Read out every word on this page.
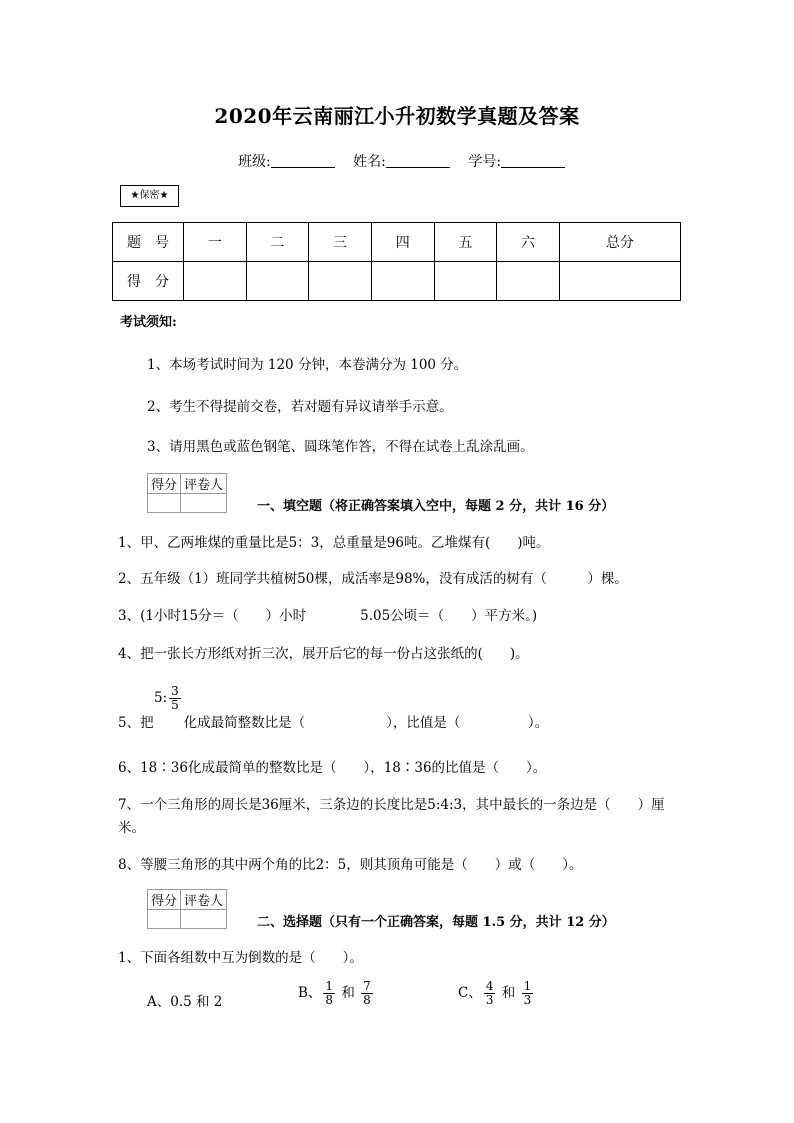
2020年云南丽江小升初数学真题及答案
班级:	姓名:	学号:
★保密★
题　号	一	二	三	四	五	六	总分
得　分							
考试须知:
1、本场考试时间为 120 分钟，本卷满分为 100 分。
2、考生不得提前交卷，若对题有异议请举手示意。
3、请用黑色或蓝色钢笔、圆珠笔作答，不得在试卷上乱涂乱画。
得分	评卷人

一、填空题（将正确答案填入空中，每题 2 分，共计 16 分）
1、甲、乙两堆煤的重量比是5：3，总重量是96吨。乙堆煤有(　　)吨。
2、五年级（1）班同学共植树50棵，成活率是98%，没有成活的树有（　　　）棵。
3、(1小时15分＝（　　）小时　　　　5.05公顷＝（　　）平方米。)
4、把一张长方形纸对折三次，展开后它的每一份占这张纸的(　　)。
5: $\frac{3}{5}$
5、把 化成最简整数比是（　　　　　　），比值是（　　　　　）。
6、18∶36化成最简单的整数比是（　　），18∶36的比值是（　　）。
7、一个三角形的周长是36厘米，三条边的长度比是5:4:3，其中最长的一条边是（　　）厘
米。
8、等腰三角形的其中两个角的比2：5，则其顶角可能是（　　）或（　　）。
得分	评卷人

二、选择题（只有一个正确答案，每题 1.5 分，共计 12 分）
1、下面各组数中互为倒数的是（　　）。
A、0.5 和 2
B、 $\frac{1}{8}$ 和 $\frac{7}{8}$	C、 $\frac{4}{3}$ 和 $\frac{1}{3}$
